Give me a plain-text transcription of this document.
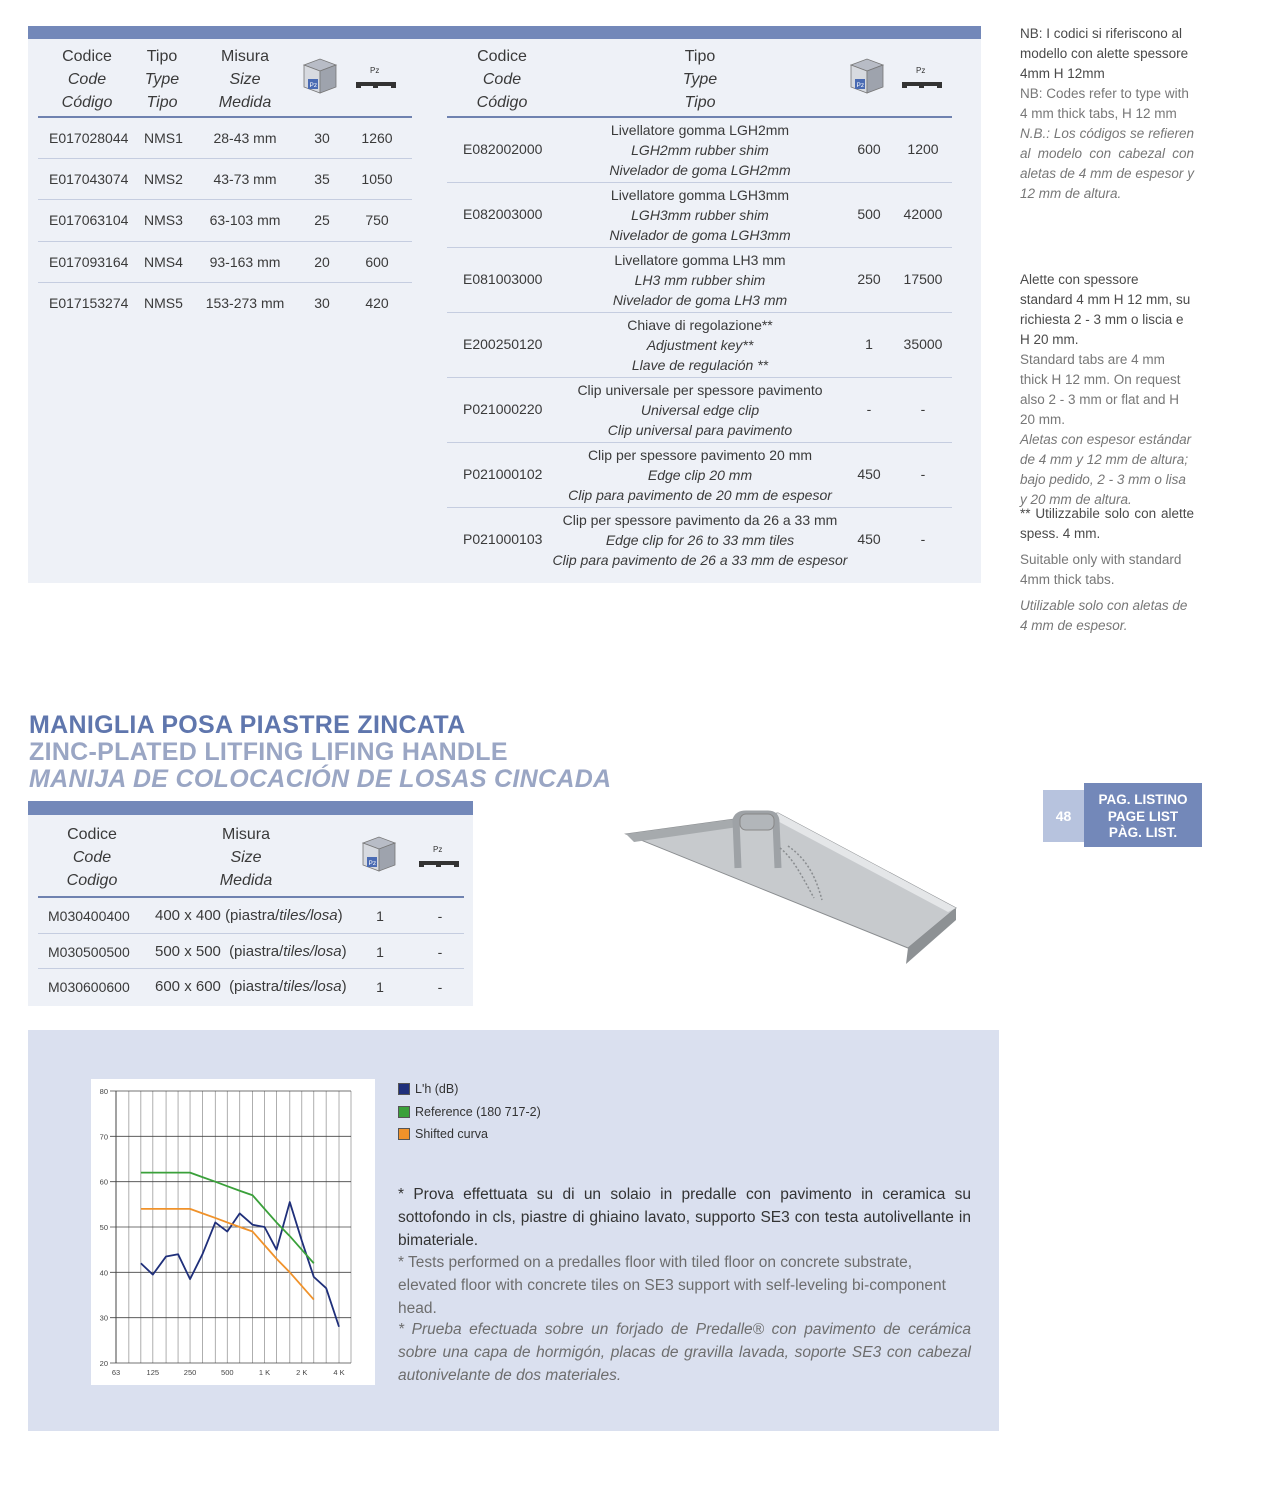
Codice
Code
Código
Tipo
Type
Tipo
Misura
Size
Medida
Pz
Pz
E017028044 NMS1	28-43 mm	30	1260
E017043074 NMS2	43-73 mm	35	1050
E017063104 NMS3	63-103 mm	25	750
E017093164 NMS4	93-163 mm	20	600
E017153274 NMS5	153-273 mm	30	420
Codice
Code
Código
Tipo
Type
Tipo
Pz
Pz
E082002000
Livellatore gomma LGH2mm
LGH2mm rubber shim
Nivelador de goma LGH2mm
600	1200
E082003000
Livellatore gomma LGH3mm
LGH3mm rubber shim
Nivelador de goma LGH3mm
500	42000
E081003000
Livellatore gomma LH3 mm
LH3 mm rubber shim
Nivelador de goma LH3 mm
250	17500
E200250120
Chiave di regolazione**
Adjustment key**
Llave de regulación **
1	35000
P021000220
Clip universale per spessore pavimento
Universal edge clip
Clip universal para pavimento
-	-
P021000102
Clip per spessore pavimento 20 mm
Edge clip 20 mm
Clip para pavimento de 20 mm de espesor
450	-
P021000103
Clip per spessore pavimento da 26 a 33 mm
Edge clip for 26 to 33 mm tiles
Clip para pavimento de 26 a 33 mm de espesor
450	-
NB: I codici si riferiscono al modello con alette spessore 4mm H 12mm
NB: Codes refer to type with 4 mm thick tabs, H 12 mm
N.B.: Los códigos se refieren al modelo con cabezal con aletas de 4 mm de espesor y 12 mm de altura.
Alette con spessore standard 4 mm H 12 mm, su richiesta 2 - 3 mm o liscia e H 20 mm.
Standard tabs are 4 mm thick H 12 mm. On request also 2 - 3 mm or flat and H 20 mm.
Aletas con espesor estándar de 4 mm y 12 mm de altura; bajo pedido, 2 - 3 mm o lisa y 20 mm de altura.
** Utilizzabile solo con alette spess. 4 mm.
Suitable only with standard 4mm thick tabs.
Utilizable solo con aletas de 4 mm de espesor.
MANIGLIA POSA PIASTRE ZINCATA
ZINC-PLATED LITFING LIFING HANDLE
MANIJA DE COLOCACIÓN DE LOSAS CINCADA
Codice
Code
Codigo
Misura
Size
Medida
Pz
Pz
M030400400 400 x 400 (piastra/tiles/losa)	1	-
M030500500 500 x 500 (piastra/tiles/losa)	1	-
M030600600 600 x 600 (piastra/tiles/losa)	1	-
48
PAG. LISTINO
PAGE LIST
PÀG. LIST.
20
30
40
50
60
70
80
63	125	250	500	1 K	2 K	4 K
L'h (dB)
Reference (180 717-2)
Shifted curva
* Prova effettuata su di un solaio in predalle con pavimento in ceramica su sottofondo in cls, piastre di ghiaino lavato, supporto SE3 con testa autolivellante in bimateriale.
* Tests performed on a predalles floor with tiled floor on concrete substrate, elevated floor with concrete tiles on SE3 support with self-leveling bi-component head.
* Prueba efectuada sobre un forjado de Predalle® con pavimento de cerámica sobre una capa de hormigón, placas de gravilla lavada, soporte SE3 con cabezal autonivelante de dos materiales.
